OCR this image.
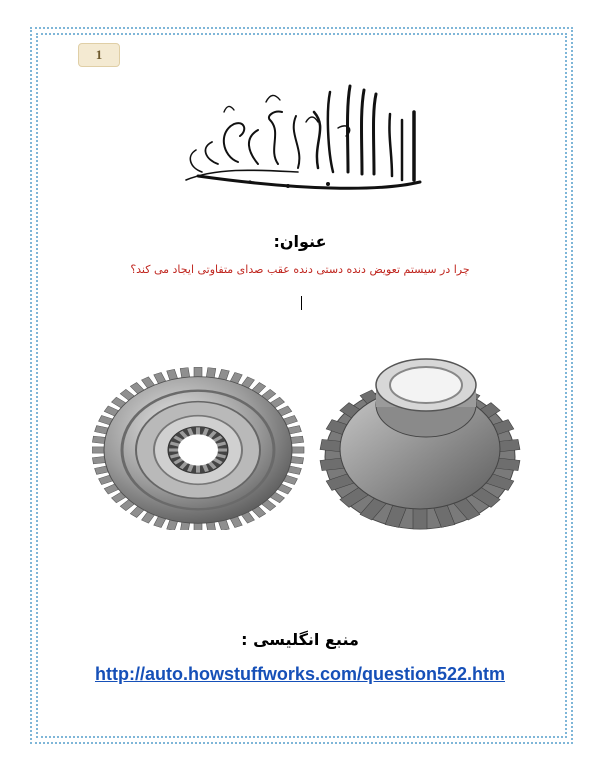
1
عنوان:
چرا در سیستم تعویض دنده دستی دنده عقب صدای متفاوتی ایجاد می کند؟
منبع انگلیسی :
http://auto.howstuffworks.com/question522.htm
